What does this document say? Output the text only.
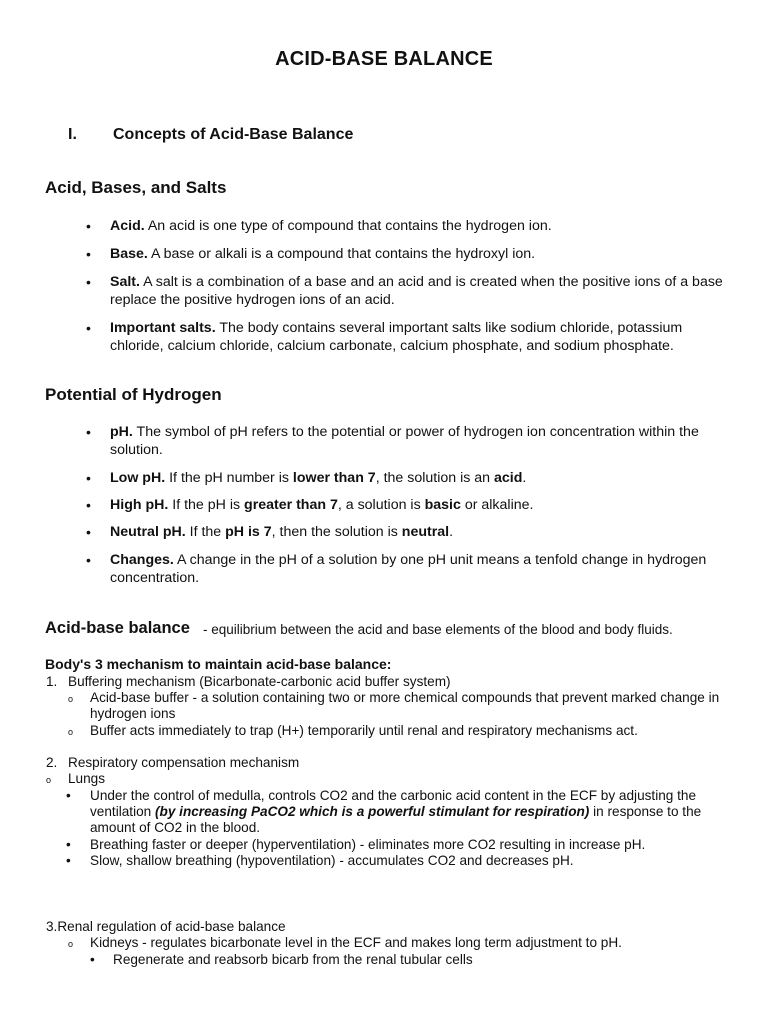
ACID-BASE BALANCE
I. Concepts of Acid-Base Balance
Acid, Bases, and Salts
• Acid. An acid is one type of compound that contains the hydrogen ion.
• Base. A base or alkali is a compound that contains the hydroxyl ion.
• Salt. A salt is a combination of a base and an acid and is created when the positive ions of a base replace the positive hydrogen ions of an acid.
• Important salts. The body contains several important salts like sodium chloride, potassium chloride, calcium chloride, calcium carbonate, calcium phosphate, and sodium phosphate.
Potential of Hydrogen
• pH. The symbol of pH refers to the potential or power of hydrogen ion concentration within the solution.
• Low pH. If the pH number is lower than 7, the solution is an acid.
• High pH. If the pH is greater than 7, a solution is basic or alkaline.
• Neutral pH. If the pH is 7, then the solution is neutral.
• Changes. A change in the pH of a solution by one pH unit means a tenfold change in hydrogen concentration.
Acid-base balance - equilibrium between the acid and base elements of the blood and body fluids.
Body's 3 mechanism to maintain acid-base balance:
1. Buffering mechanism (Bicarbonate-carbonic acid buffer system)
o Acid-base buffer - a solution containing two or more chemical compounds that prevent marked change in hydrogen ions
o Buffer acts immediately to trap (H+) temporarily until renal and respiratory mechanisms act.
2. Respiratory compensation mechanism
o Lungs
• Under the control of medulla, controls CO2 and the carbonic acid content in the ECF by adjusting the ventilation (by increasing PaCO2 which is a powerful stimulant for respiration) in response to the amount of CO2 in the blood.
• Breathing faster or deeper (hyperventilation) - eliminates more CO2 resulting in increase pH.
• Slow, shallow breathing (hypoventilation) - accumulates CO2 and decreases pH.
3.Renal regulation of acid-base balance
o Kidneys - regulates bicarbonate level in the ECF and makes long term adjustment to pH.
• Regenerate and reabsorb bicarb from the renal tubular cells
